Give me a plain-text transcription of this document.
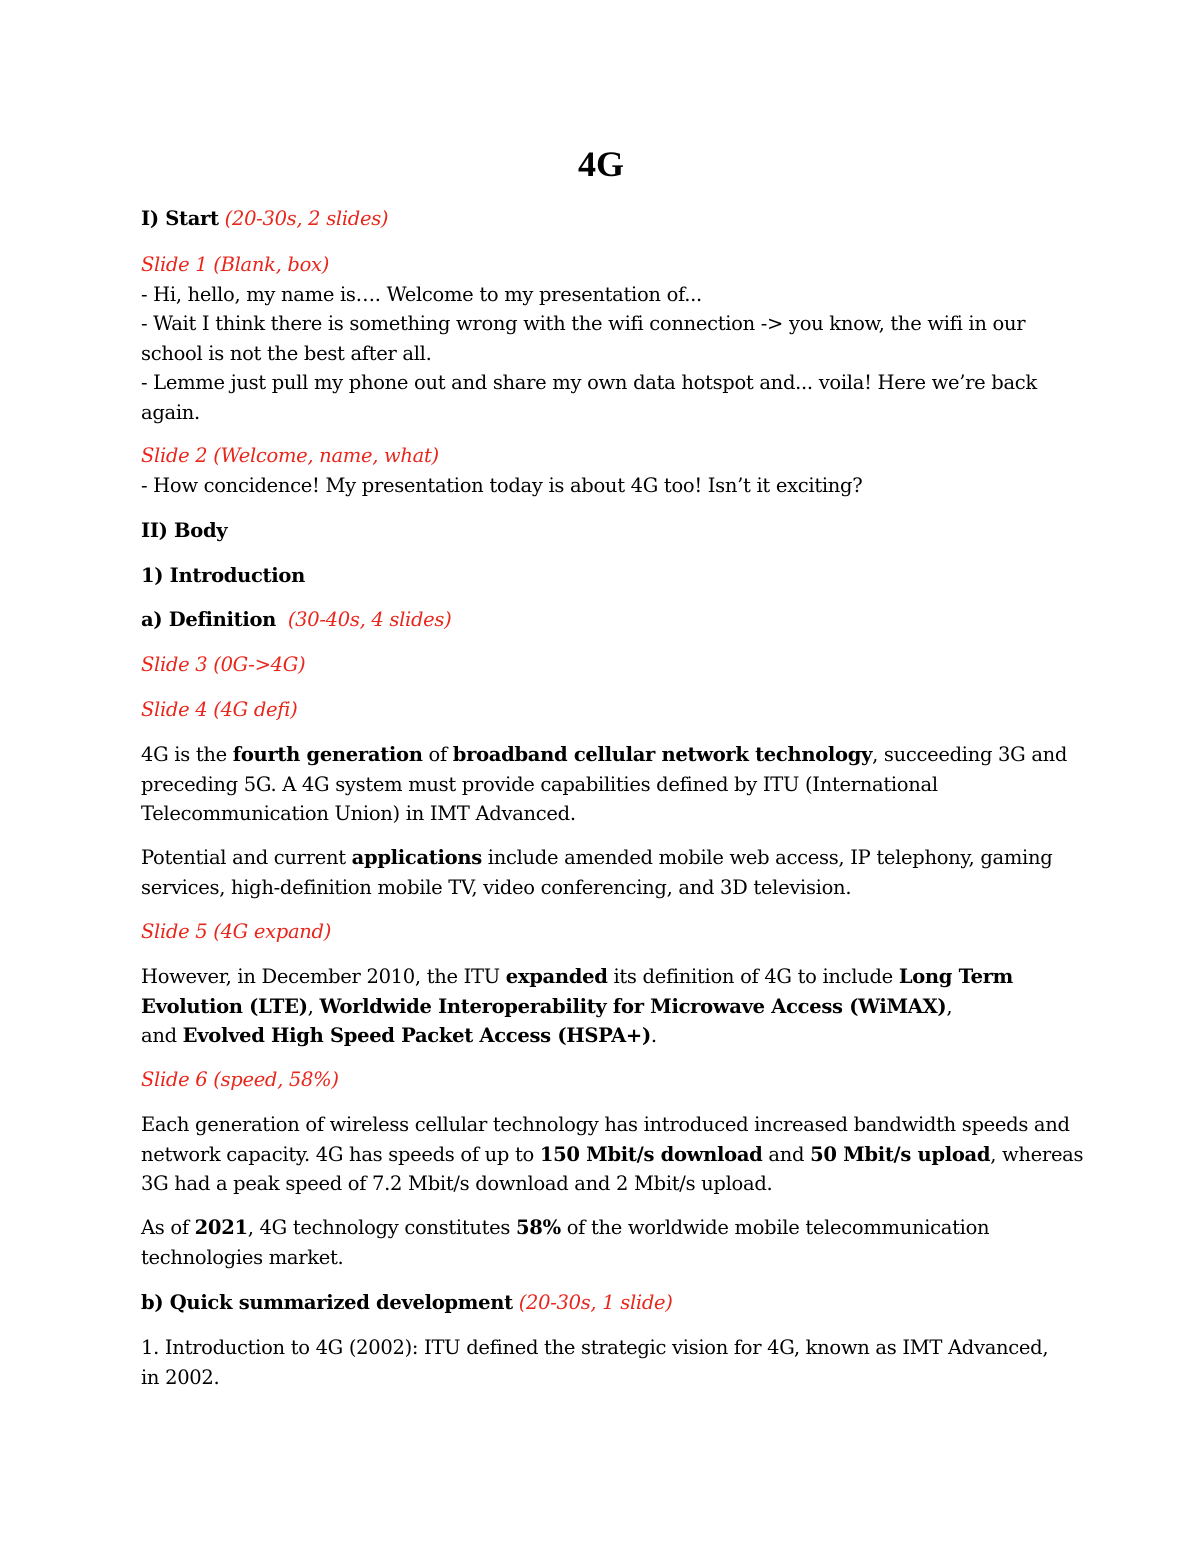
4G

I) Start (20-30s, 2 slides)

Slide 1 (Blank, box)
- Hi, hello, my name is…. Welcome to my presentation of...
- Wait I think there is something wrong with the wifi connection -> you know, the wifi in our
school is not the best after all.
- Lemme just pull my phone out and share my own data hotspot and... voila! Here we’re back
again.

Slide 2 (Welcome, name, what)
- How concidence! My presentation today is about 4G too! Isn’t it exciting?

II) Body

1) Introduction

a) Definition (30-40s, 4 slides)

Slide 3 (0G->4G)

Slide 4 (4G defi)

4G is the fourth generation of broadband cellular network technology, succeeding 3G and
preceding 5G. A 4G system must provide capabilities defined by ITU (International
Telecommunication Union) in IMT Advanced.

Potential and current applications include amended mobile web access, IP telephony, gaming
services, high-definition mobile TV, video conferencing, and 3D television.

Slide 5 (4G expand)

However, in December 2010, the ITU expanded its definition of 4G to include Long Term
Evolution (LTE), Worldwide Interoperability for Microwave Access (WiMAX),
and Evolved High Speed Packet Access (HSPA+).

Slide 6 (speed, 58%)

Each generation of wireless cellular technology has introduced increased bandwidth speeds and
network capacity. 4G has speeds of up to 150 Mbit/s download and 50 Mbit/s upload, whereas
3G had a peak speed of 7.2 Mbit/s download and 2 Mbit/s upload.

As of 2021, 4G technology constitutes 58% of the worldwide mobile telecommunication
technologies market.

b) Quick summarized development (20-30s, 1 slide)

1. Introduction to 4G (2002): ITU defined the strategic vision for 4G, known as IMT Advanced,
in 2002.
